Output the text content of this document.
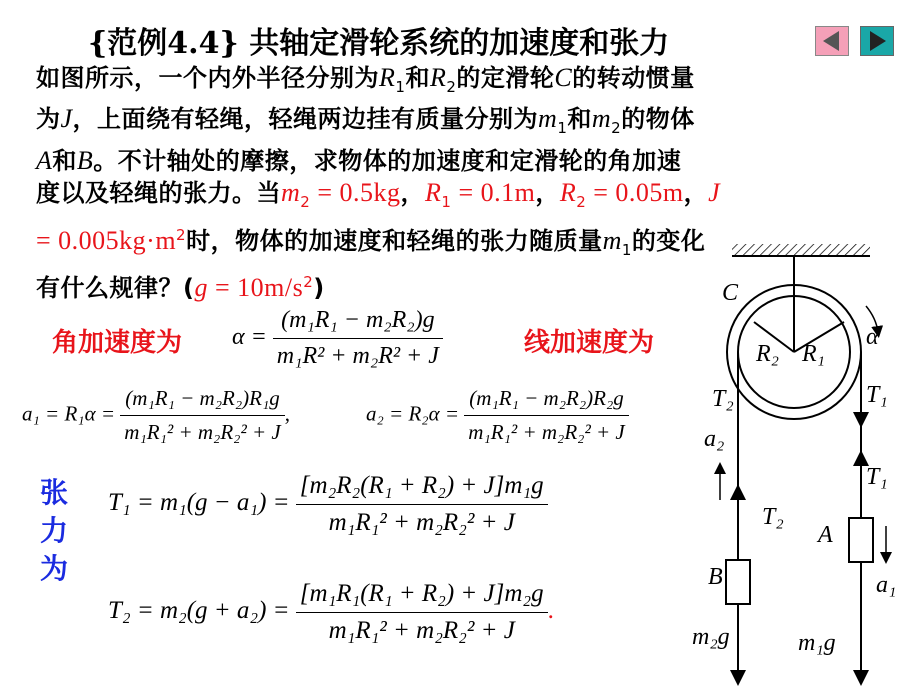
{范例4.4} 共轴定滑轮系统的加速度和张力
如图所示，一个内外半径分别为$R_1$和$R_2$的定滑轮C的转动惯量
为J，上面绕有轻绳，轻绳两边挂有质量分别为$m_1$和$m_2$的物体
A和B。不计轴处的摩擦，求物体的加速度和定滑轮的角加速
度以及轻绳的张力。当$m_2 = 0.5kg$，$R_1 = 0.1m$，$R_2 = 0.05m$，J
= $0.005kg\cdot m^2$时，物体的加速度和轻绳的张力随质量$m_1$的变化
有什么规律？$(g = 10m/s^2)$
角加速度为	线加速度为
张
力
为
$\alpha = \frac{\text{(m₁R₁ − m₂R₂)g}}{\text{m₁R² + m₂R² + J}}$
$a_1 = R_1\alpha = \frac{\text{(m₁R₁ − m₂R₂)R₁g}}{\text{m₁R₁² + m₂R₂² + J}}$ ,	$a_2 = R_2\alpha = \frac{\text{(m₁R₁ − m₂R₂)R₂g}}{\text{m₁R₁² + m₂R₂² + J}}$
$T_1 = m_1(g - a_1) = \frac{\text{[m₂R₂(R₁ + R₂) + J]m₁g}}{\text{m₁R₁² + m₂R₂² + J}}$
$T_2 = m_2(g + a_2) = \frac{\text{[m₁R₁(R₁ + R₂) + J]m₂g}}{\text{m₁R₁² + m₂R₂² + J}}$ .
C
R₂ R₁
α
T₂	T₁
a₂
T₁
T₂
A
B	a₁
m₂g	m₁g
